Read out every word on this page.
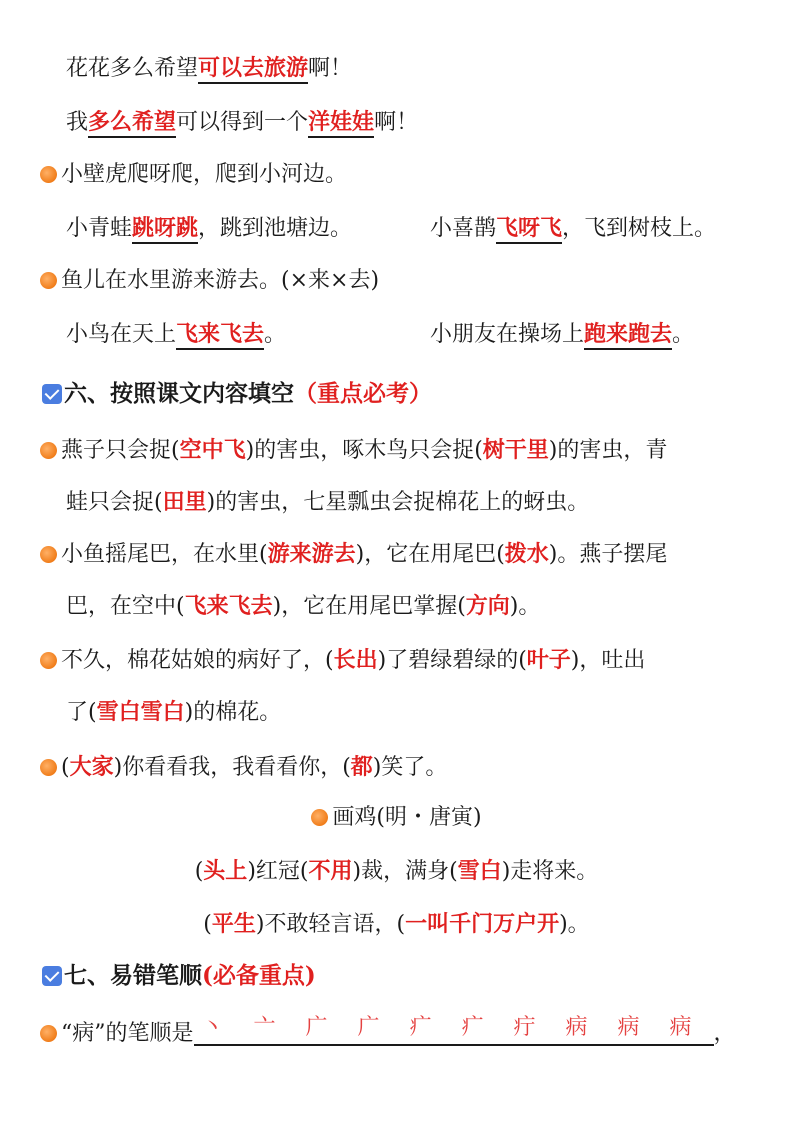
花花多么希望可以去旅游啊！
我多么希望可以得到一个洋娃娃啊！
小壁虎爬呀爬，爬到小河边。
小青蛙跳呀跳，跳到池塘边。	小喜鹊飞呀飞，飞到树枝上。
鱼儿在水里游来游去。(×来×去)
小鸟在天上飞来飞去。	小朋友在操场上跑来跑去。
六、按照课文内容填空（重点必考）
燕子只会捉(空中飞)的害虫，啄木鸟只会捉(树干里)的害虫，青
蛙只会捉(田里)的害虫，七星瓢虫会捉棉花上的蚜虫。
小鱼摇尾巴，在水里(游来游去)，它在用尾巴(拨水)。燕子摆尾
巴，在空中(飞来飞去)，它在用尾巴掌握(方向)。
不久，棉花姑娘的病好了，(长出)了碧绿碧绿的(叶子)，吐出
了(雪白雪白)的棉花。
(大家)你看看我，我看看你，(都)笑了。
画鸡(明・唐寅)
(头上)红冠(不用)裁，满身(雪白)走将来。
(平生)不敢轻言语，(一叫千门万户开)。
七、易错笔顺(必备重点)
“病”的笔顺是 丶 亠 广 广 疒 疒 疔 病 病 病 ，
